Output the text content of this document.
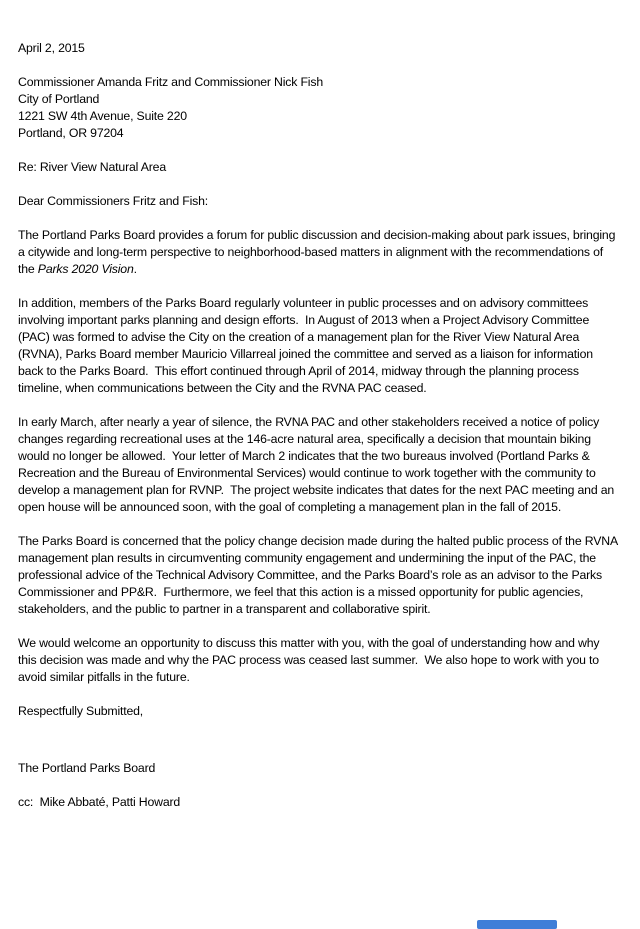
April 2, 2015

Commissioner Amanda Fritz and Commissioner Nick Fish

City of Portland

1221 SW 4th Avenue, Suite 220

Portland, OR 97204

Re: River View Natural Area

Dear Commissioners Fritz and Fish:

The Portland Parks Board provides a forum for public discussion and decision-making about park issues, bringing a citywide and long-term perspective to neighborhood-based matters in alignment with the recommendations of the Parks 2020 Vision.

In addition, members of the Parks Board regularly volunteer in public processes and on advisory committees involving important parks planning and design efforts.  In August of 2013 when a Project Advisory Committee (PAC) was formed to advise the City on the creation of a management plan for the River View Natural Area (RVNA), Parks Board member Mauricio Villarreal joined the committee and served as a liaison for information back to the Parks Board.  This effort continued through April of 2014, midway through the planning process timeline, when communications between the City and the RVNA PAC ceased.

In early March, after nearly a year of silence, the RVNA PAC and other stakeholders received a notice of policy changes regarding recreational uses at the 146-acre natural area, specifically a decision that mountain biking would no longer be allowed.  Your letter of March 2 indicates that the two bureaus involved (Portland Parks & Recreation and the Bureau of Environmental Services) would continue to work together with the community to develop a management plan for RVNP.  The project website indicates that dates for the next PAC meeting and an open house will be announced soon, with the goal of completing a management plan in the fall of 2015.

The Parks Board is concerned that the policy change decision made during the halted public process of the RVNA management plan results in circumventing community engagement and undermining the input of the PAC, the professional advice of the Technical Advisory Committee, and the Parks Board’s role as an advisor to the Parks Commissioner and PP&R.  Furthermore, we feel that this action is a missed opportunity for public agencies, stakeholders, and the public to partner in a transparent and collaborative spirit.

We would welcome an opportunity to discuss this matter with you, with the goal of understanding how and why this decision was made and why the PAC process was ceased last summer.  We also hope to work with you to avoid similar pitfalls in the future.

Respectfully Submitted,

The Portland Parks Board

cc:  Mike Abbaté, Patti Howard
